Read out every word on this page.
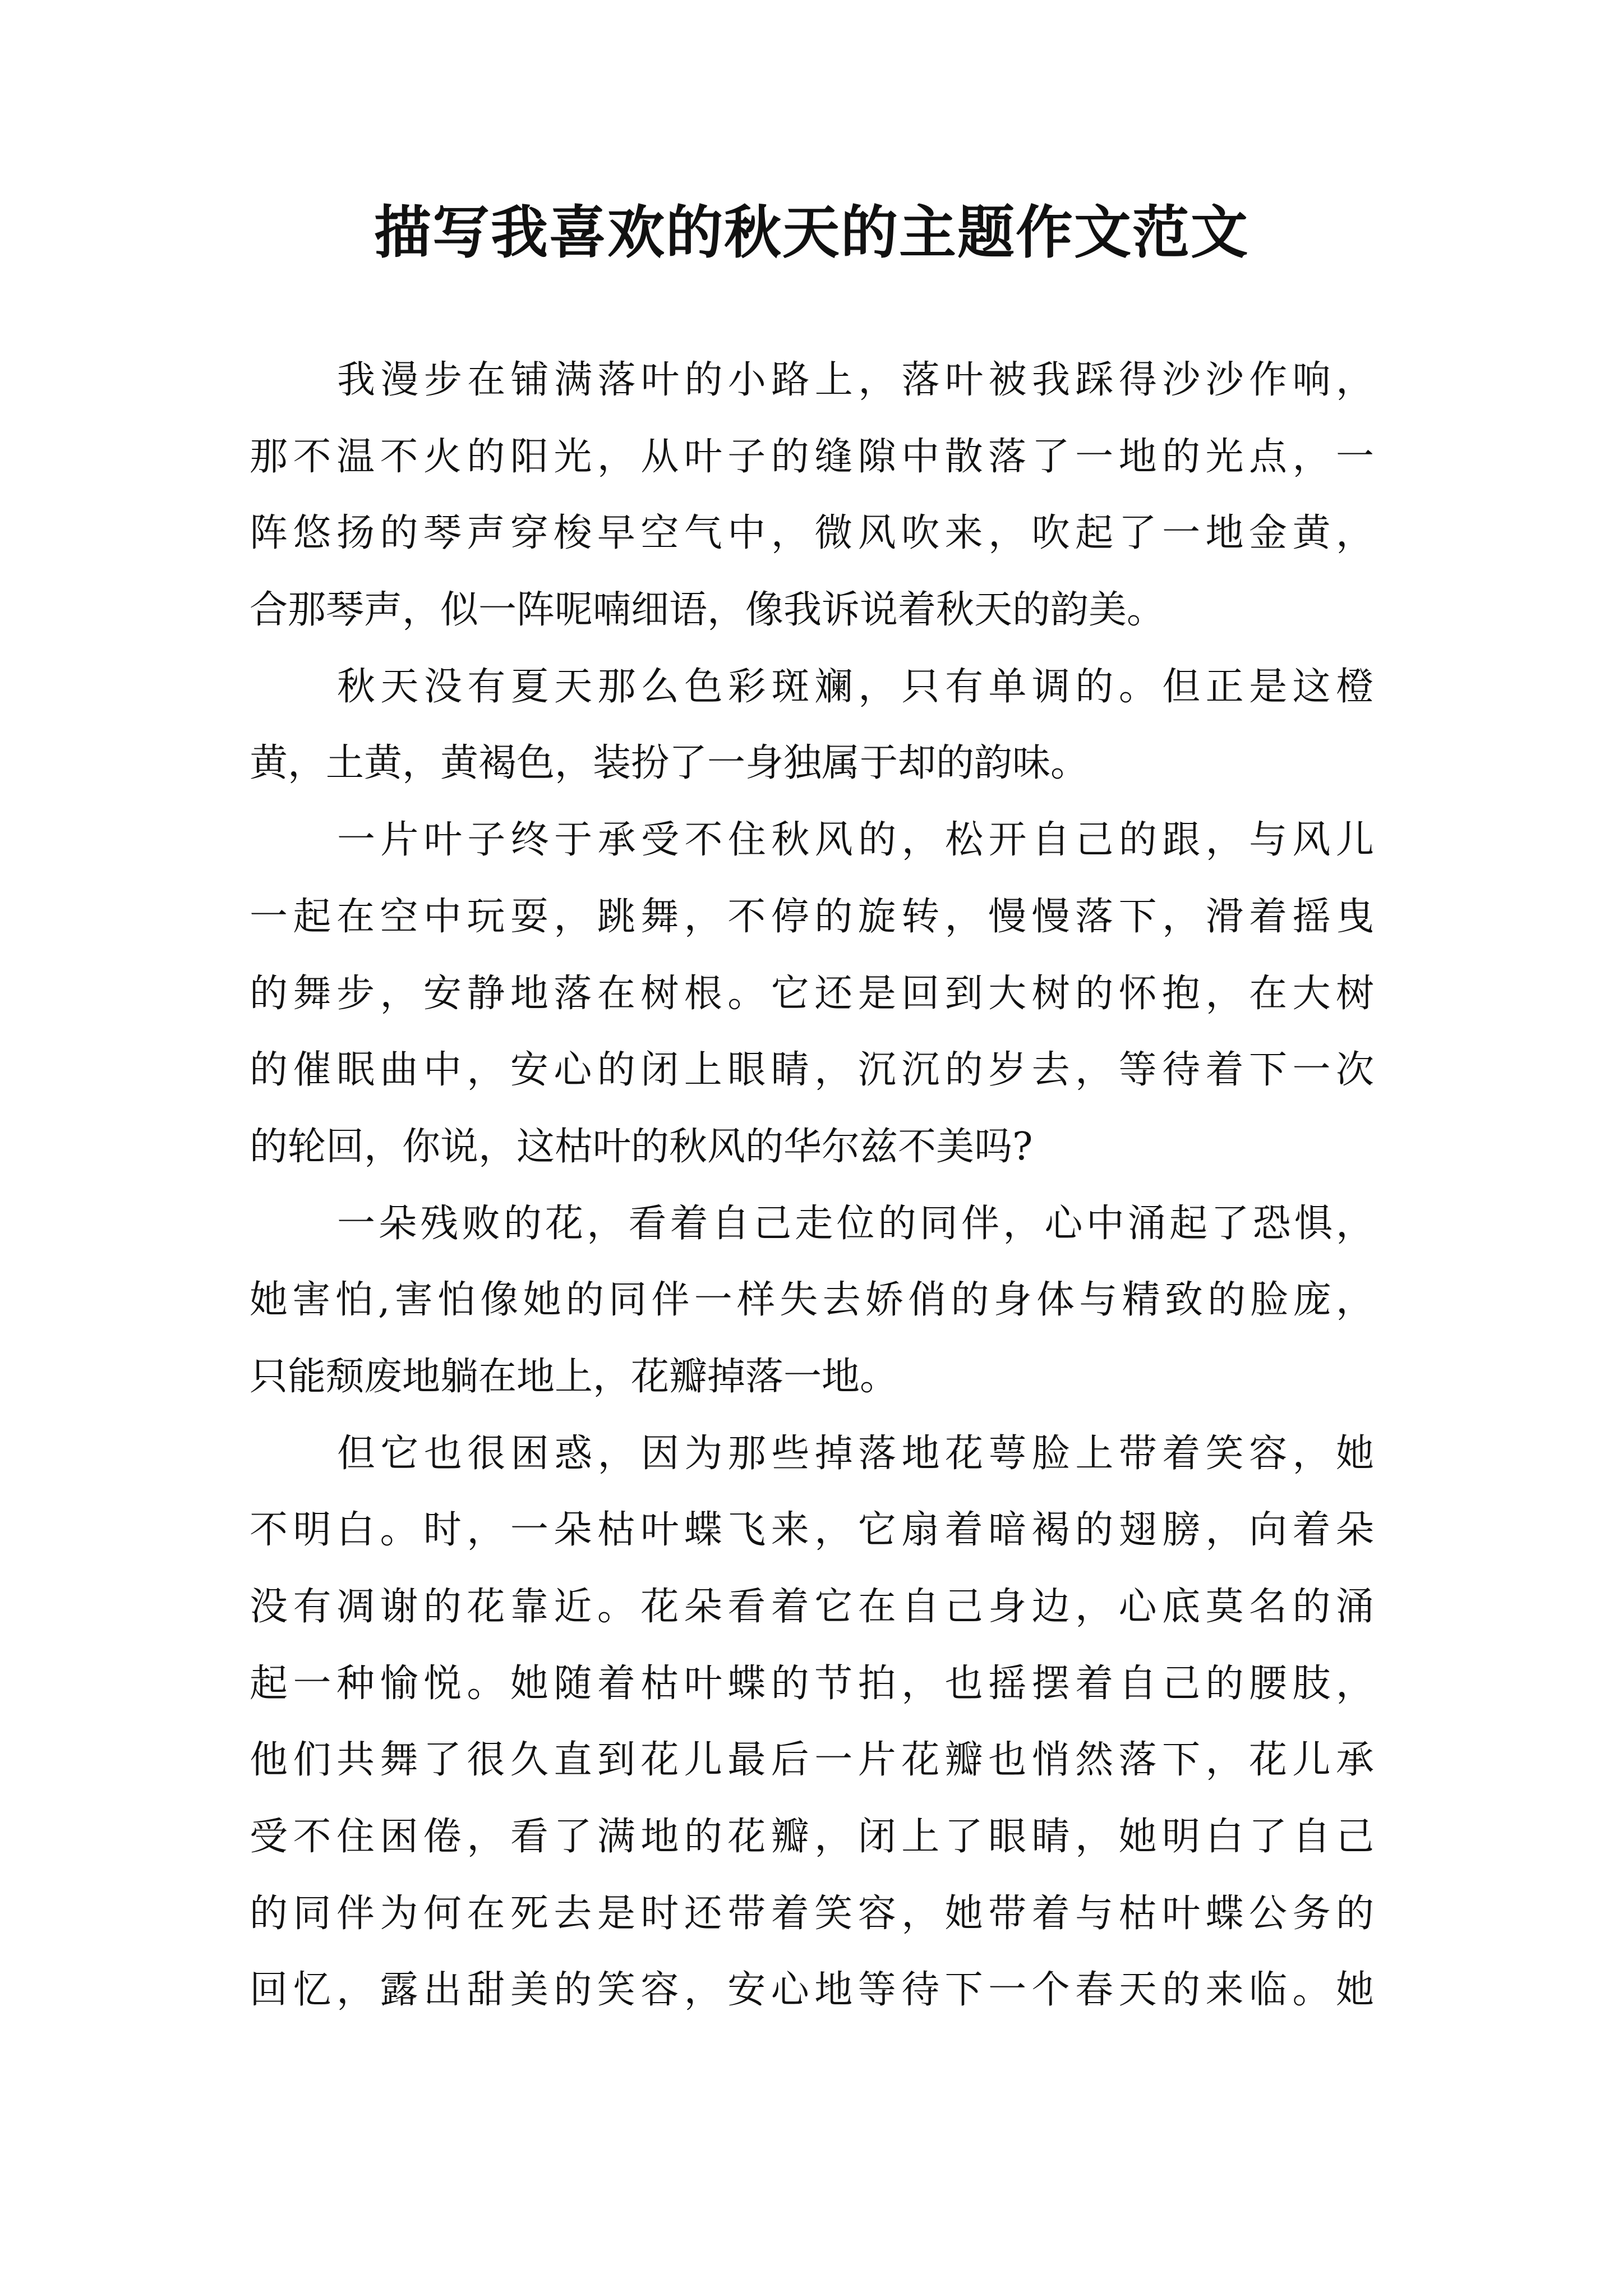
描写我喜欢的秋天的主题作文范文
我漫步在铺满落叶的小路上，落叶被我踩得沙沙作响，
那不温不火的阳光，从叶子的缝隙中散落了一地的光点，一
阵悠扬的琴声穿梭早空气中，微风吹来，吹起了一地金黄，
合那琴声，似一阵呢喃细语，像我诉说着秋天的韵美。
秋天没有夏天那么色彩斑斓，只有单调的。但正是这橙
黄，土黄，黄褐色，装扮了一身独属于却的韵味。
一片叶子终于承受不住秋风的，松开自己的跟，与风儿
一起在空中玩耍，跳舞，不停的旋转，慢慢落下，滑着摇曳
的舞步，安静地落在树根。它还是回到大树的怀抱，在大树
的催眠曲中，安心的闭上眼睛，沉沉的岁去，等待着下一次
的轮回，你说，这枯叶的秋风的华尔兹不美吗?
一朵残败的花，看着自己走位的同伴，心中涌起了恐惧，
她害怕,害怕像她的同伴一样失去娇俏的身体与精致的脸庞，
只能颓废地躺在地上，花瓣掉落一地。
但它也很困惑，因为那些掉落地花萼脸上带着笑容，她
不明白。时，一朵枯叶蝶飞来，它扇着暗褐的翅膀，向着朵
没有凋谢的花靠近。花朵看着它在自己身边，心底莫名的涌
起一种愉悦。她随着枯叶蝶的节拍，也摇摆着自己的腰肢，
他们共舞了很久直到花儿最后一片花瓣也悄然落下，花儿承
受不住困倦，看了满地的花瓣，闭上了眼睛，她明白了自己
的同伴为何在死去是时还带着笑容，她带着与枯叶蝶公务的
回忆，露出甜美的笑容，安心地等待下一个春天的来临。她
